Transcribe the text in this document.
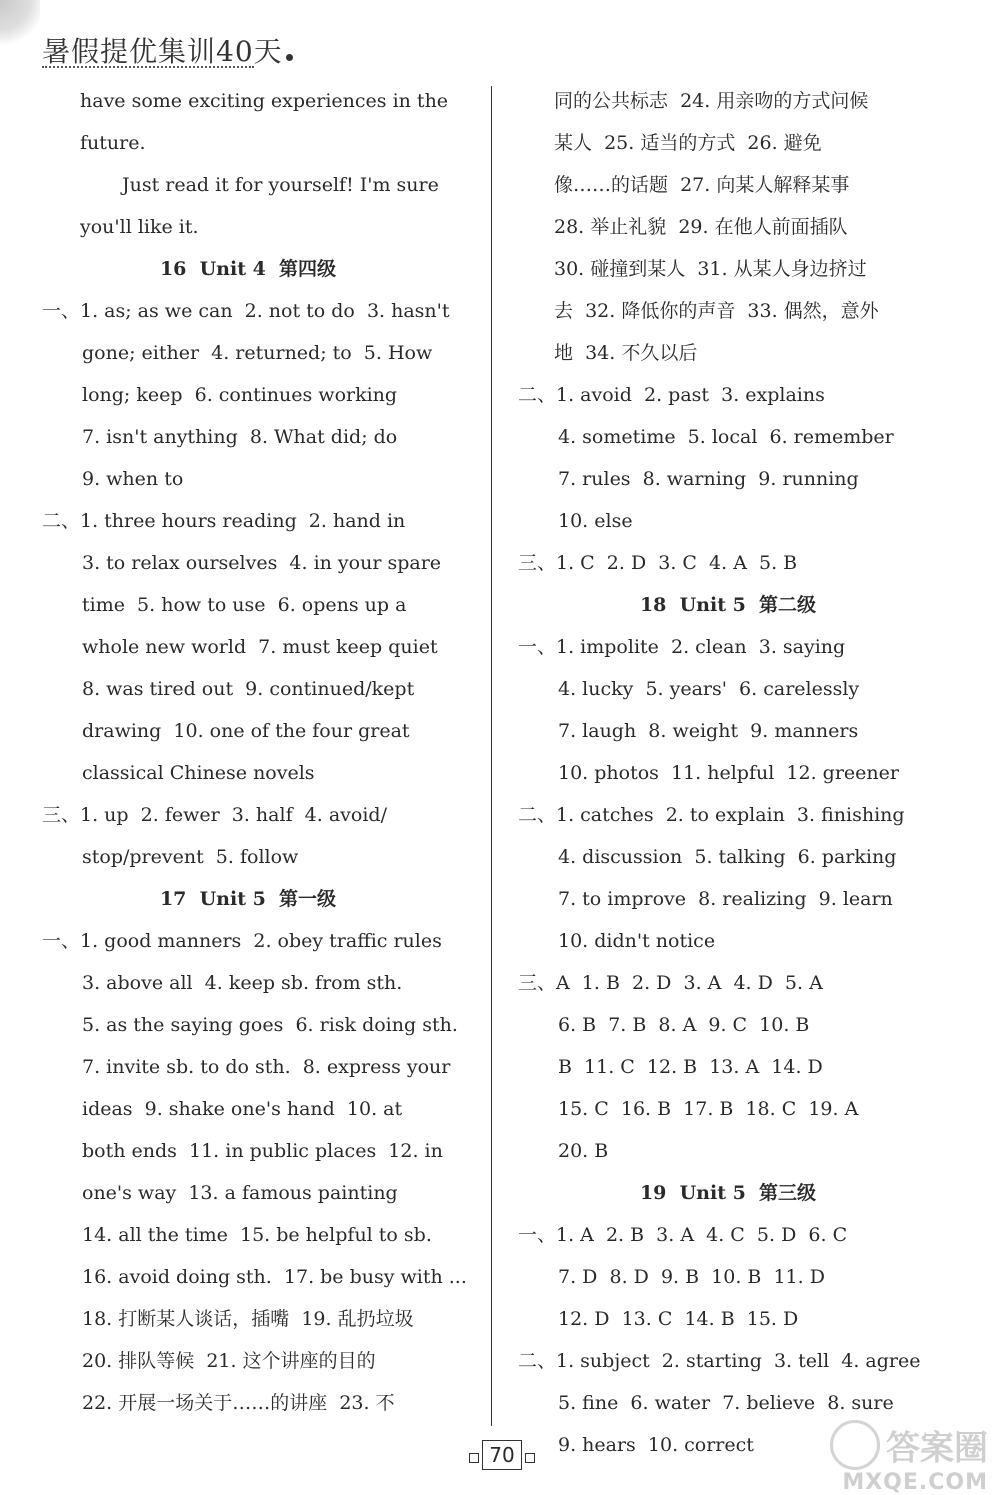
暑假提优集训40天
have some exciting experiences in the
future.
Just read it for yourself! I'm sure
you'll like it.
16  Unit 4  第四级
一、1. as; as we can  2. not to do  3. hasn't
gone; either  4. returned; to  5. How
long; keep  6. continues working
7. isn't anything  8. What did; do
9. when to
二、1. three hours reading  2. hand in
3. to relax ourselves  4. in your spare
time  5. how to use  6. opens up a
whole new world  7. must keep quiet
8. was tired out  9. continued/kept
drawing  10. one of the four great
classical Chinese novels
三、1. up  2. fewer  3. half  4. avoid/
stop/prevent  5. follow
17  Unit 5  第一级
一、1. good manners  2. obey traffic rules
3. above all  4. keep sb. from sth.
5. as the saying goes  6. risk doing sth.
7. invite sb. to do sth.  8. express your
ideas  9. shake one's hand  10. at
both ends  11. in public places  12. in
one's way  13. a famous painting
14. all the time  15. be helpful to sb.
16. avoid doing sth.  17. be busy with ...
18. 打断某人谈话，插嘴  19. 乱扔垃圾
20. 排队等候  21. 这个讲座的目的
22. 开展一场关于……的讲座  23. 不
同的公共标志  24. 用亲吻的方式问候
某人  25. 适当的方式  26. 避免
像……的话题  27. 向某人解释某事
28. 举止礼貌  29. 在他人前面插队
30. 碰撞到某人  31. 从某人身边挤过
去  32. 降低你的声音  33. 偶然，意外
地  34. 不久以后
二、1. avoid  2. past  3. explains
4. sometime  5. local  6. remember
7. rules  8. warning  9. running
10. else
三、1. C  2. D  3. C  4. A  5. B
18  Unit 5  第二级
一、1. impolite  2. clean  3. saying
4. lucky  5. years'  6. carelessly
7. laugh  8. weight  9. manners
10. photos  11. helpful  12. greener
二、1. catches  2. to explain  3. finishing
4. discussion  5. talking  6. parking
7. to improve  8. realizing  9. learn
10. didn't notice
三、A  1. B  2. D  3. A  4. D  5. A
6. B  7. B  8. A  9. C  10. B
B  11. C  12. B  13. A  14. D
15. C  16. B  17. B  18. C  19. A
20. B
19  Unit 5  第三级
一、1. A  2. B  3. A  4. C  5. D  6. C
7. D  8. D  9. B  10. B  11. D
12. D  13. C  14. B  15. D
二、1. subject  2. starting  3. tell  4. agree
5. fine  6. water  7. believe  8. sure
9. hears  10. correct
70	答案圈
MXQE.COM
